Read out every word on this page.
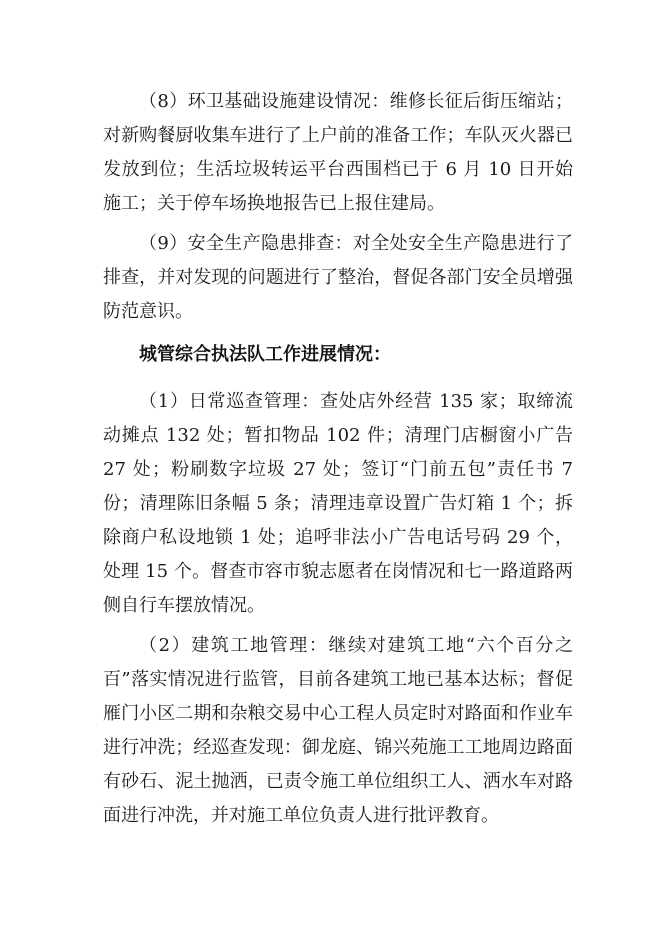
（8）环卫基础设施建设情况：维修长征后街压缩站；对新购餐厨收集车进行了上户前的准备工作；车队灭火器已发放到位；生活垃圾转运平台西围档已于 6 月 10 日开始施工；关于停车场换地报告已上报住建局。

（9）安全生产隐患排查：对全处安全生产隐患进行了排查，并对发现的问题进行了整治，督促各部门安全员增强防范意识。

城管综合执法队工作进展情况：

（1）日常巡查管理：查处店外经营 135 家；取缔流动摊点 132 处；暂扣物品 102 件；清理门店橱窗小广告 27 处；粉刷数字垃圾 27 处；签订“门前五包”责任书 7 份；清理陈旧条幅 5 条；清理违章设置广告灯箱 1 个；拆除商户私设地锁 1 处；追呼非法小广告电话号码 29 个，处理 15 个。督查市容市貌志愿者在岗情况和七一路道路两侧自行车摆放情况。

（2）建筑工地管理：继续对建筑工地“六个百分之百”落实情况进行监管，目前各建筑工地已基本达标；督促雁门小区二期和杂粮交易中心工程人员定时对路面和作业车进行冲洗；经巡查发现：御龙庭、锦兴苑施工工地周边路面有砂石、泥土抛洒，已责令施工单位组织工人、洒水车对路面进行冲洗，并对施工单位负责人进行批评教育。
